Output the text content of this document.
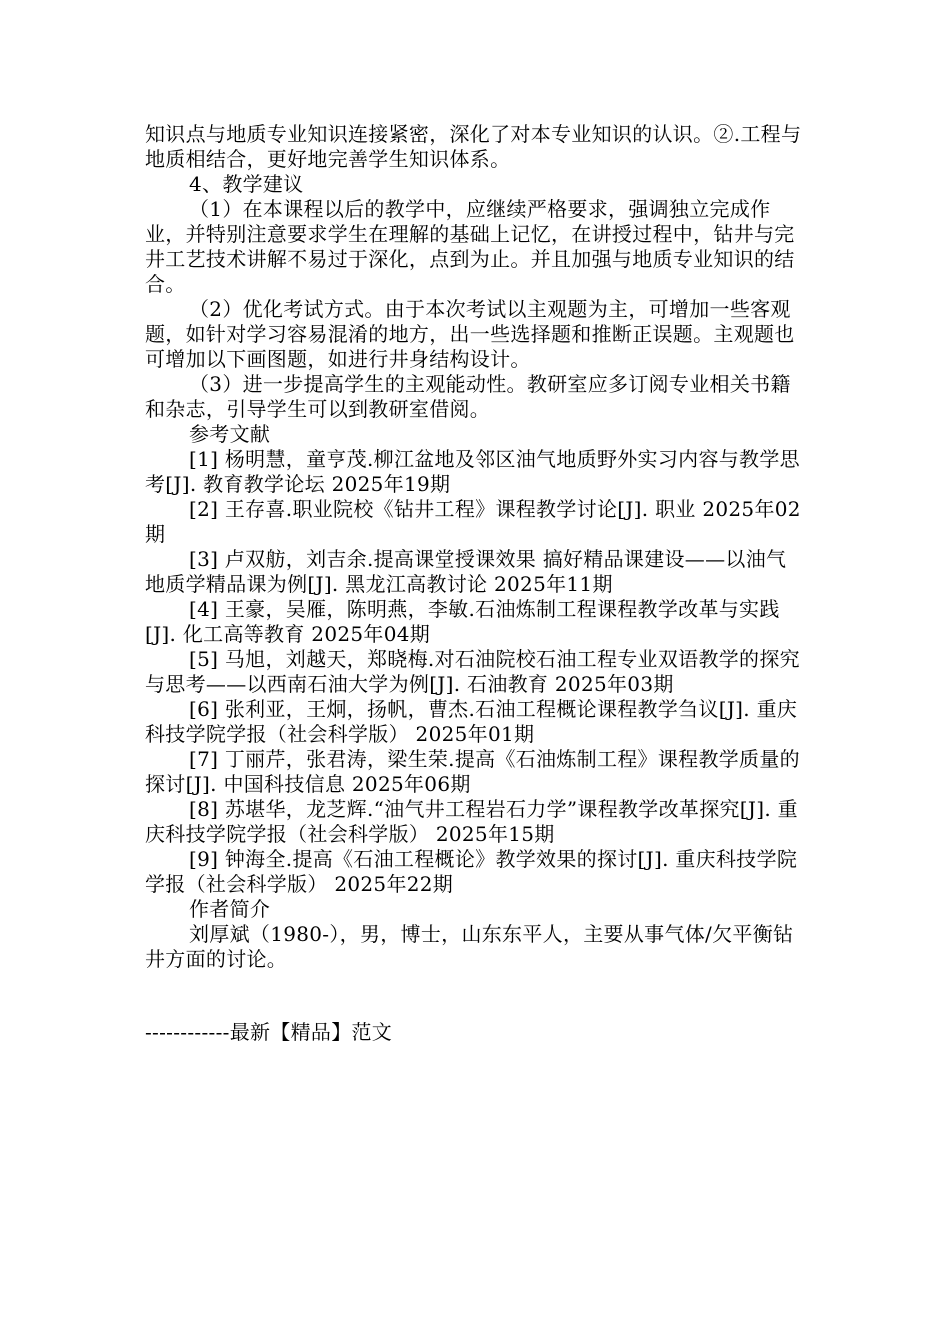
知识点与地质专业知识连接紧密，深化了对本专业知识的认识。②.工程与地质相结合，更好地完善学生知识体系。

4、教学建议

（1）在本课程以后的教学中，应继续严格要求，强调独立完成作业，并特别注意要求学生在理解的基础上记忆，在讲授过程中，钻井与完井工艺技术讲解不易过于深化，点到为止。并且加强与地质专业知识的结合。

（2）优化考试方式。由于本次考试以主观题为主，可增加一些客观题，如针对学习容易混淆的地方，出一些选择题和推断正误题。主观题也可增加以下画图题，如进行井身结构设计。

（3）进一步提高学生的主观能动性。教研室应多订阅专业相关书籍和杂志，引导学生可以到教研室借阅。

参考文献

[1] 杨明慧，童亨茂.柳江盆地及邻区油气地质野外实习内容与教学思考[J]. 教育教学论坛 2025年19期

[2] 王存喜.职业院校《钻井工程》课程教学讨论[J]. 职业 2025年02期

[3] 卢双舫，刘吉余.提高课堂授课效果 搞好精品课建设——以油气地质学精品课为例[J]. 黑龙江高教讨论 2025年11期

[4] 王豪，吴雁，陈明燕，李敏.石油炼制工程课程教学改革与实践[J]. 化工高等教育 2025年04期

[5] 马旭，刘越天，郑晓梅.对石油院校石油工程专业双语教学的探究与思考——以西南石油大学为例[J]. 石油教育 2025年03期

[6] 张利亚，王炯，扬帆，曹杰.石油工程概论课程教学刍议[J]. 重庆科技学院学报（社会科学版） 2025年01期

[7] 丁丽芹，张君涛，梁生荣.提高《石油炼制工程》课程教学质量的探讨[J]. 中国科技信息 2025年06期

[8] 苏堪华，龙芝辉.“油气井工程岩石力学”课程教学改革探究[J]. 重庆科技学院学报（社会科学版） 2025年15期

[9] 钟海全.提高《石油工程概论》教学效果的探讨[J]. 重庆科技学院学报（社会科学版） 2025年22期

作者简介

刘厚斌（1980-），男，博士，山东东平人，主要从事气体/欠平衡钻井方面的讨论。

------------最新【精品】范文
